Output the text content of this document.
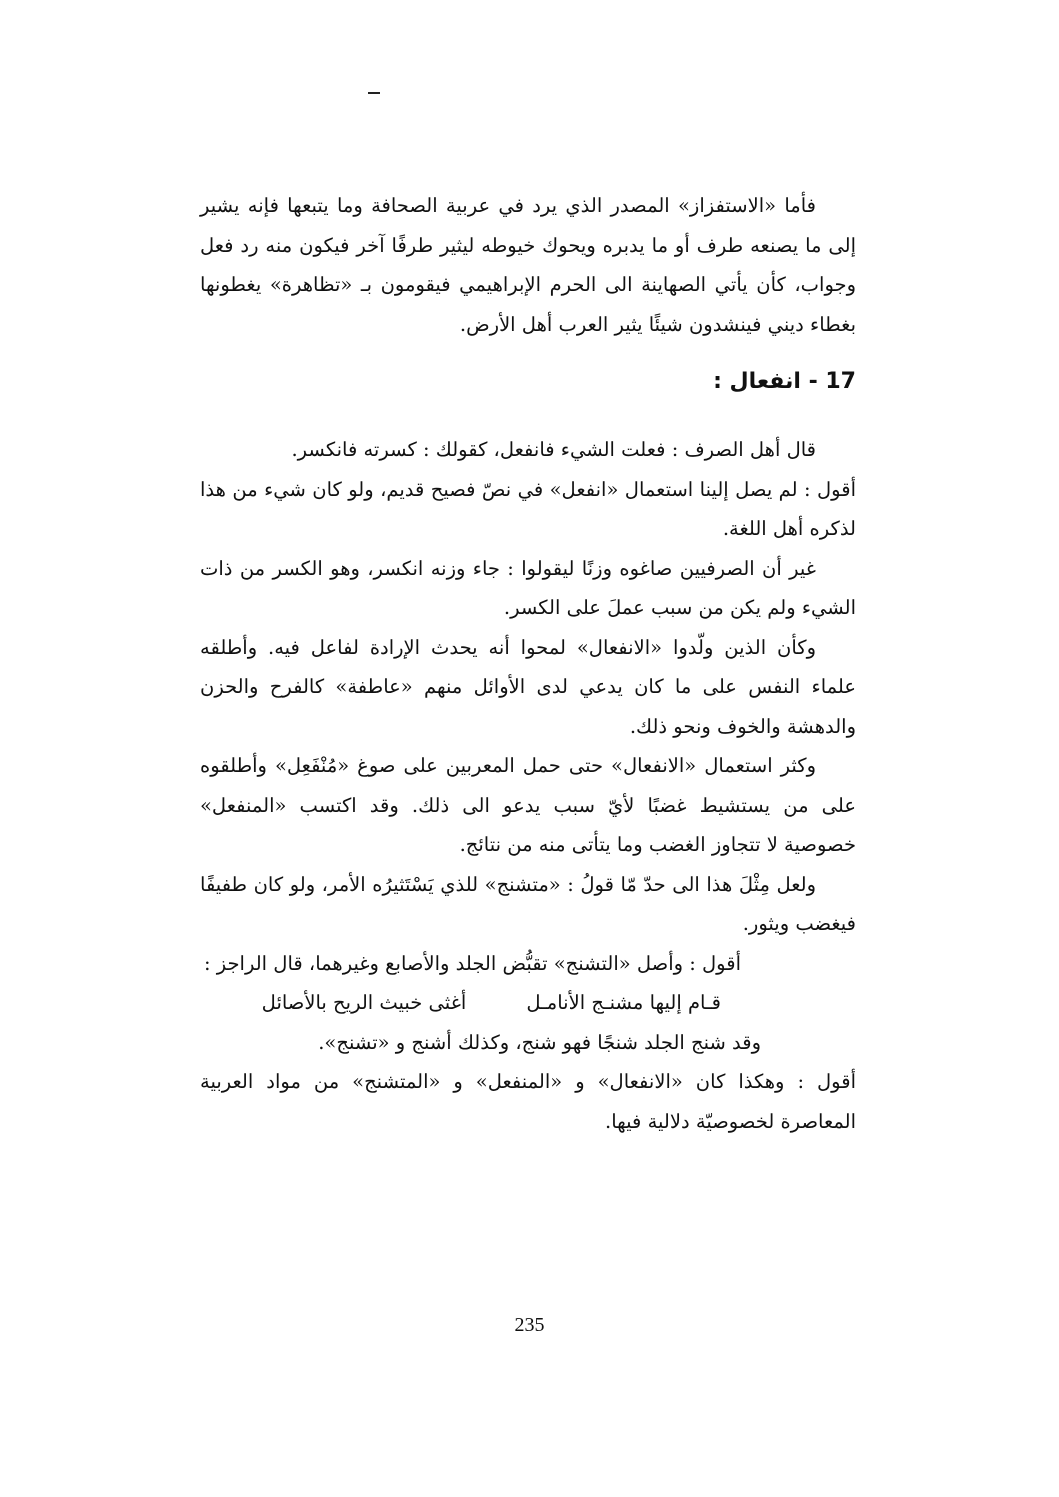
فأما «الاستفزاز» المصدر الذي يرد في عربية الصحافة وما يتبعها فإنه يشير إلى ما يصنعه طرف أو ما يدبره ويحوك خيوطه ليثير طرفًا آخر فيكون منه رد فعل وجواب، كأن يأتي الصهاينة الى الحرم الإبراهيمي فيقومون بـ «تظاهرة» يغطونها بغطاء ديني فينشدون شيئًا يثير العرب أهل الأرض.

17 - انفعال :

قال أهل الصرف : فعلت الشيء فانفعل، كقولك : كسرته فانكسر.

أقول : لم يصل إلينا استعمال «انفعل» في نصّ فصيح قديم، ولو كان شيء من هذا لذكره أهل اللغة.

غير أن الصرفيين صاغوه وزنًا ليقولوا : جاء وزنه انكسر، وهو الكسر من ذات الشيء ولم يكن من سبب عملَ على الكسر.

وكأن الذين ولّدوا «الانفعال» لمحوا أنه يحدث الإرادة لفاعل فيه. وأطلقه علماء النفس على ما كان يدعي لدى الأوائل منهم «عاطفة» كالفرح والحزن والدهشة والخوف ونحو ذلك.

وكثر استعمال «الانفعال» حتى حمل المعربين على صوغ «مُنْفَعِل» وأطلقوه على من يستشيط غضبًا لأيّ سبب يدعو الى ذلك. وقد اكتسب «المنفعل» خصوصية لا تتجاوز الغضب وما يتأتى منه من نتائج.

ولعل مِثْلَ هذا الى حدّ مّا قولُ : «متشنج» للذي يَسْتَثيرُه الأمر، ولو كان طفيفًا فيغضب ويثور.

أقول : وأصل «التشنج» تقبُّض الجلد والأصابع وغيرهما، قال الراجز :

قـام إليها مشنـج الأنامـل
أغثى خبيث الريح بالأصائل

وقد شنج الجلد شنجًا فهو شنج، وكذلك أشنج و «تشنج».

أقول : وهكذا كان «الانفعال» و «المنفعل» و «المتشنج» من مواد العربية المعاصرة لخصوصيّة دلالية فيها.

235
